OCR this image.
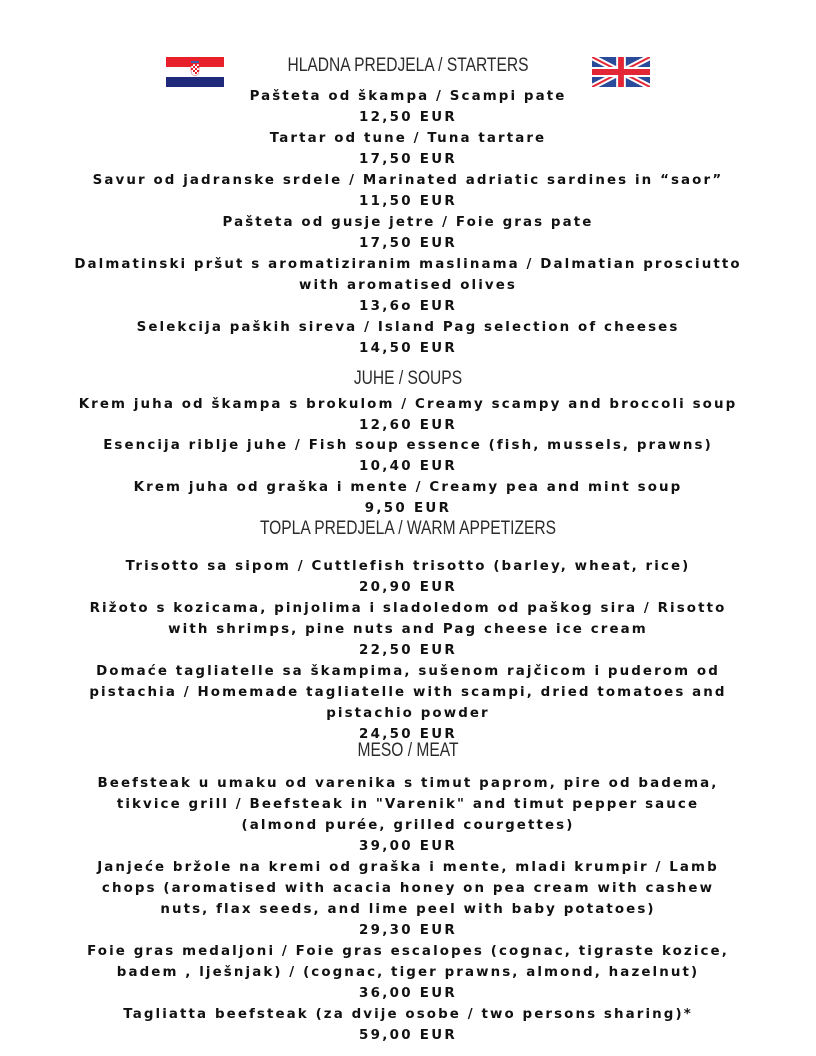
HLADNA PREDJELA / STARTERS
Pašteta od škampa / Scampi pate
12,50 EUR
Tartar od tune / Tuna tartare
17,50 EUR
Savur od jadranske srdele / Marinated adriatic sardines in “saor”
11,50 EUR
Pašteta od gusje jetre / Foie gras pate
17,50 EUR
Dalmatinski pršut s aromatiziranim maslinama / Dalmatian prosciutto
with aromatised olives
13,6o EUR
Selekcija paških sireva / Island Pag selection of cheeses
14,50 EUR
JUHE / SOUPS
Krem juha od škampa s brokulom / Creamy scampy and broccoli soup
12,60 EUR
Esencija riblje juhe / Fish soup essence (fish, mussels, prawns)
10,40 EUR
Krem juha od graška i mente / Creamy pea and mint soup
9,50 EUR
TOPLA PREDJELA / WARM APPETIZERS
Trisotto sa sipom / Cuttlefish trisotto (barley, wheat, rice)
20,90 EUR
Rižoto s kozicama, pinjolima i sladoledom od paškog sira / Risotto
with shrimps, pine nuts and Pag cheese ice cream
22,50 EUR
Domaće tagliatelle sa škampima, sušenom rajčicom i puderom od
pistachia / Homemade tagliatelle with scampi, dried tomatoes and
pistachio powder
24,50 EUR
MESO / MEAT
Beefsteak u umaku od varenika s timut paprom, pire od badema,
tikvice grill / Beefsteak in "Varenik" and timut pepper sauce
(almond purée, grilled courgettes)
39,00 EUR
Janjeće bržole na kremi od graška i mente, mladi krumpir / Lamb
chops (aromatised with acacia honey on pea cream with cashew
nuts, flax seeds, and lime peel with baby potatoes)
29,30 EUR
Foie gras medaljoni / Foie gras escalopes (cognac, tigraste kozice,
badem , lješnjak) / (cognac, tiger prawns, almond, hazelnut)
36,00 EUR
Tagliatta beefsteak (za dvije osobe / two persons sharing)*
59,00 EUR
